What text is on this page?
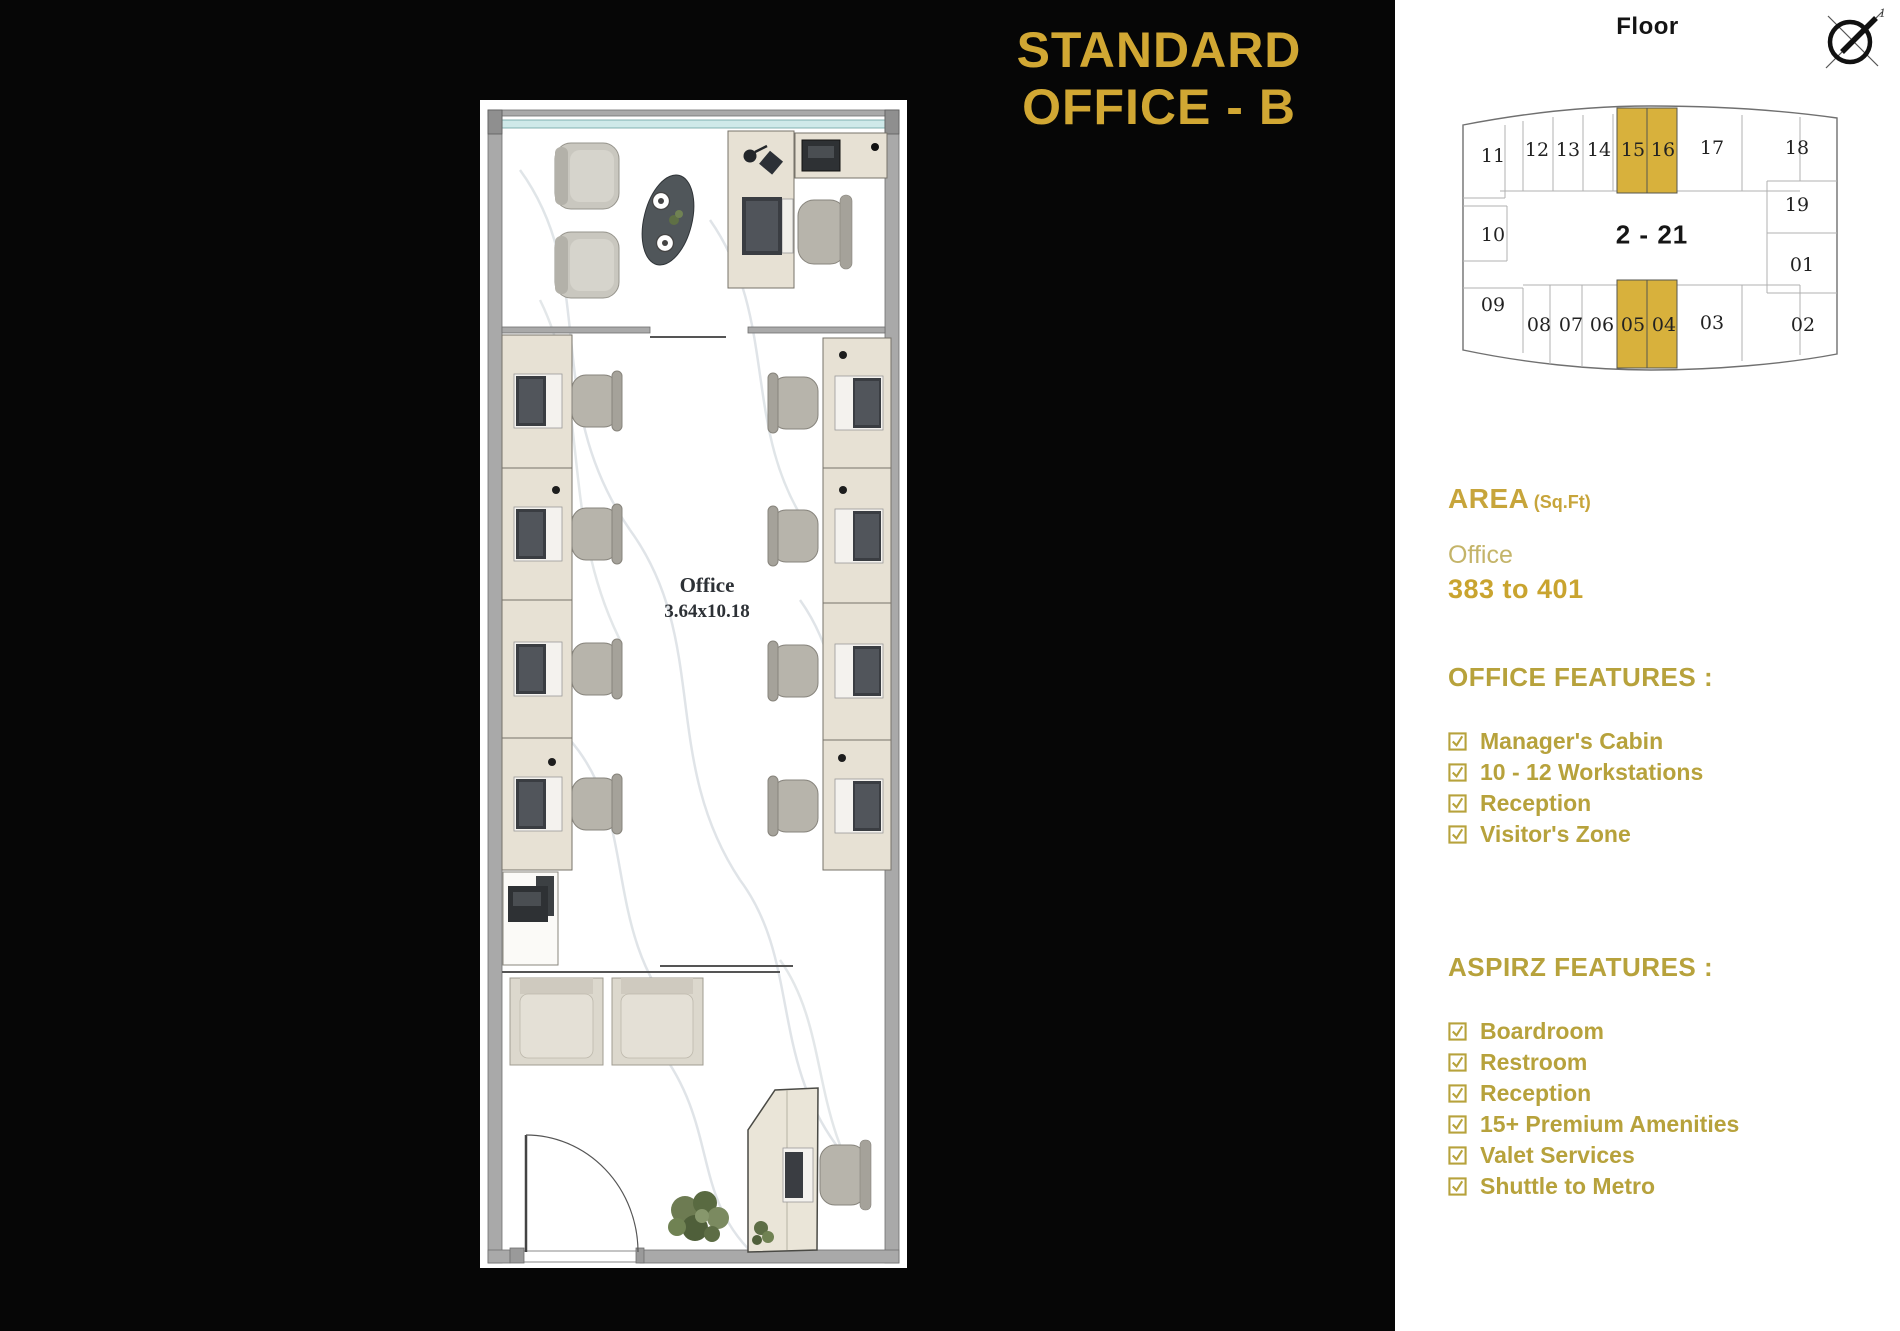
STANDARD
OFFICE - B
Office
3.64x10.18
Floor
1
11 12 13 14 15 16 17	18
19
01
10
09
08 07 06 05 04 03	02
2 - 21
AREA (Sq.Ft)
Office
383 to 401
OFFICE FEATURES :
Manager's Cabin
10 - 12 Workstations
Reception
Visitor's Zone
ASPIRZ FEATURES :
Boardroom
Restroom
Reception
15+ Premium Amenities
Valet Services
Shuttle to Metro
